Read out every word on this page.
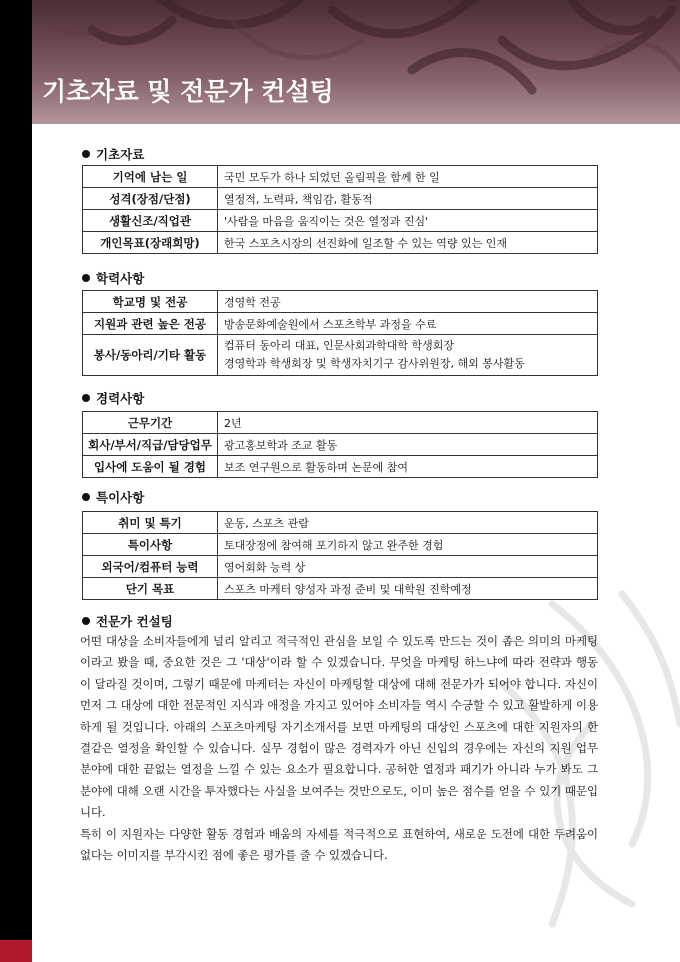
기초자료 및 전문가 컨설팅
기초자료
기억에 남는 일	국민 모두가 하나 되었던 올림픽을 함께 한 일
성격(장점/단점)	열정적, 노력파, 책임감, 활동적
생활신조/직업관	'사람을 마음을 움직이는 것은 열정과 진심'
개인목표(장래희망)	한국 스포츠시장의 선진화에 일조할 수 있는 역량 있는 인재
학력사항
학교명 및 전공	경영학 전공
지원과 관련 높은 전공	방송문화예술원에서 스포츠학부 과정을 수료
봉사/동아리/기타 활동	컴퓨터 동아리 대표, 인문사회과학대학 학생회장
경영학과 학생회장 및 학생자치기구 감사위원장, 해외 봉사활동
경력사항
근무기간	2년
회사/부서/직급/담당업무	광고홍보학과 조교 활동
입사에 도움이 될 경험	보조 연구원으로 활동하며 논문에 참여
특이사항
취미 및 특기	운동, 스포츠 관람
특이사항	토대장정에 참여해 포기하지 않고 완주한 경험
외국어/컴퓨터 능력	영어회화 능력 상
단기 목표	스포츠 마케터 양성자 과정 준비 및 대학원 진학예정
전문가 컨설팅

어떤 대상을 소비자들에게 널리 알리고 적극적인 관심을 보일 수 있도록 만드는 것이 좁은 의미의 마케팅이라고 봤을 때, 중요한 것은 그 '대상'이라 할 수 있겠습니다. 무엇을 마케팅 하느냐에 따라 전략과 행동이 달라질 것이며, 그렇기 때문에 마케터는 자신이 마케팅할 대상에 대해 전문가가 되어야 합니다. 자신이 먼저 그 대상에 대한 전문적인 지식과 애정을 가지고 있어야 소비자들 역시 수긍할 수 있고 활발하게 이용하게 될 것입니다. 아래의 스포츠마케팅 자기소개서를 보면 마케팅의 대상인 스포츠에 대한 지원자의 한결같은 열정을 확인할 수 있습니다. 실무 경험이 많은 경력자가 아닌 신입의 경우에는 자신의 지원 업무 분야에 대한 끝없는 열정을 느낄 수 있는 요소가 필요합니다. 공허한 열정과 패기가 아니라 누가 봐도 그 분야에 대해 오랜 시간을 투자했다는 사실을 보여주는 것만으로도, 이미 높은 점수를 얻을 수 있기 때문입니다.

특히 이 지원자는 다양한 활동 경험과 배움의 자세를 적극적으로 표현하여, 새로운 도전에 대한 두려움이 없다는 이미지를 부각시킨 점에 좋은 평가를 줄 수 있겠습니다.
